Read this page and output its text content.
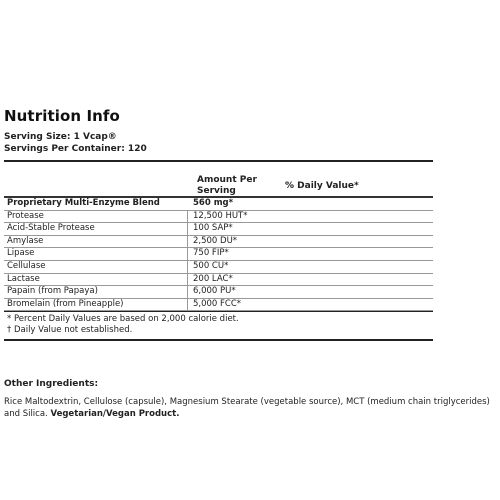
Nutrition Info
Serving Size: 1 Vcap®
Servings Per Container: 120
Amount Per
Serving	% Daily Value*
Proprietary Multi-Enzyme Blend	560 mg*
Protease	12,500 HUT*
Acid-Stable Protease	100 SAP*
Amylase	2,500 DU*
Lipase	750 FIP*
Cellulase	500 CU*
Lactase	200 LAC*
Papain (from Papaya)	6,000 PU*
Bromelain (from Pineapple)	5,000 FCC*
* Percent Daily Values are based on 2,000 calorie diet.
† Daily Value not established.
Other Ingredients:
Rice Maltodextrin, Cellulose (capsule), Magnesium Stearate (vegetable source), MCT (medium chain triglycerides) and Silica. Vegetarian/Vegan Product.
